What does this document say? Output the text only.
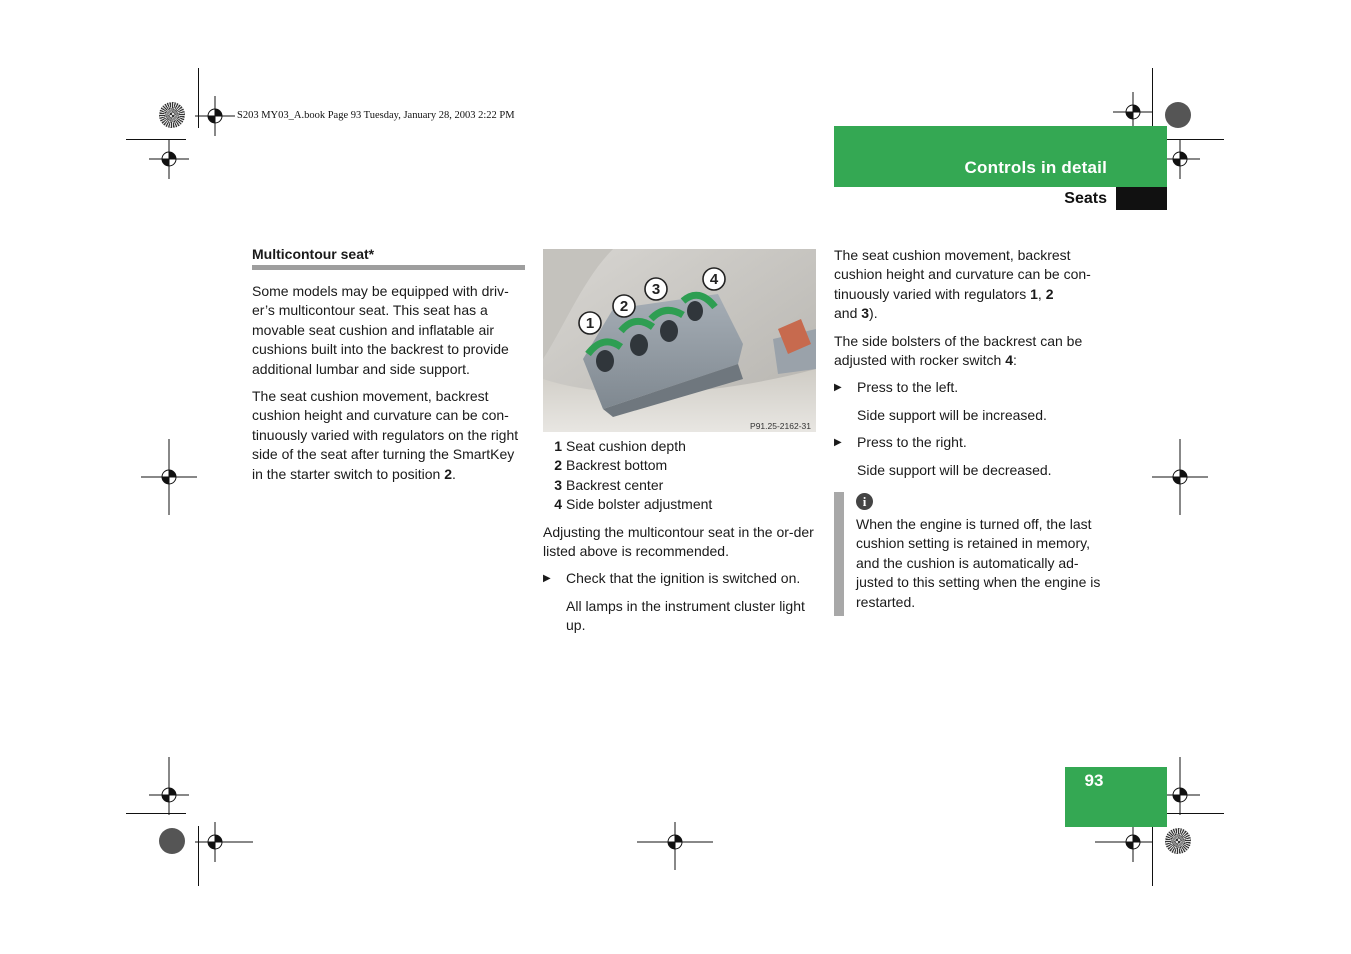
S203 MY03_A.book Page 93 Tuesday, January 28, 2003 2:22 PM
Controls in detail
Seats
Multicontour seat*

Some models may be equipped with driv-er’s multicontour seat. This seat has a movable seat cushion and inflatable air cushions built into the backrest to provide additional lumbar and side support.

The seat cushion movement, backrest cushion height and curvature can be con-tinuously varied with regulators on the right side of the seat after turning the SmartKey in the starter switch to position 2.

1
2
3
4
P91.25-2162-31
1 Seat cushion depth
2 Backrest bottom
3 Backrest center
4 Side bolster adjustment

Adjusting the multicontour seat in the or-der listed above is recommended.

▶	Check that the ignition is switched on.
All lamps in the instrument cluster light up.

The seat cushion movement, backrest cushion height and curvature can be con-tinuously varied with regulators 1, 2
and 3).

The side bolsters of the backrest can be adjusted with rocker switch 4:

▶	Press to the left.
Side support will be increased.
▶	Press to the right.
Side support will be decreased.
i
When the engine is turned off, the last cushion setting is retained in memory, and the cushion is automatically ad-justed to this setting when the engine is restarted.
93
